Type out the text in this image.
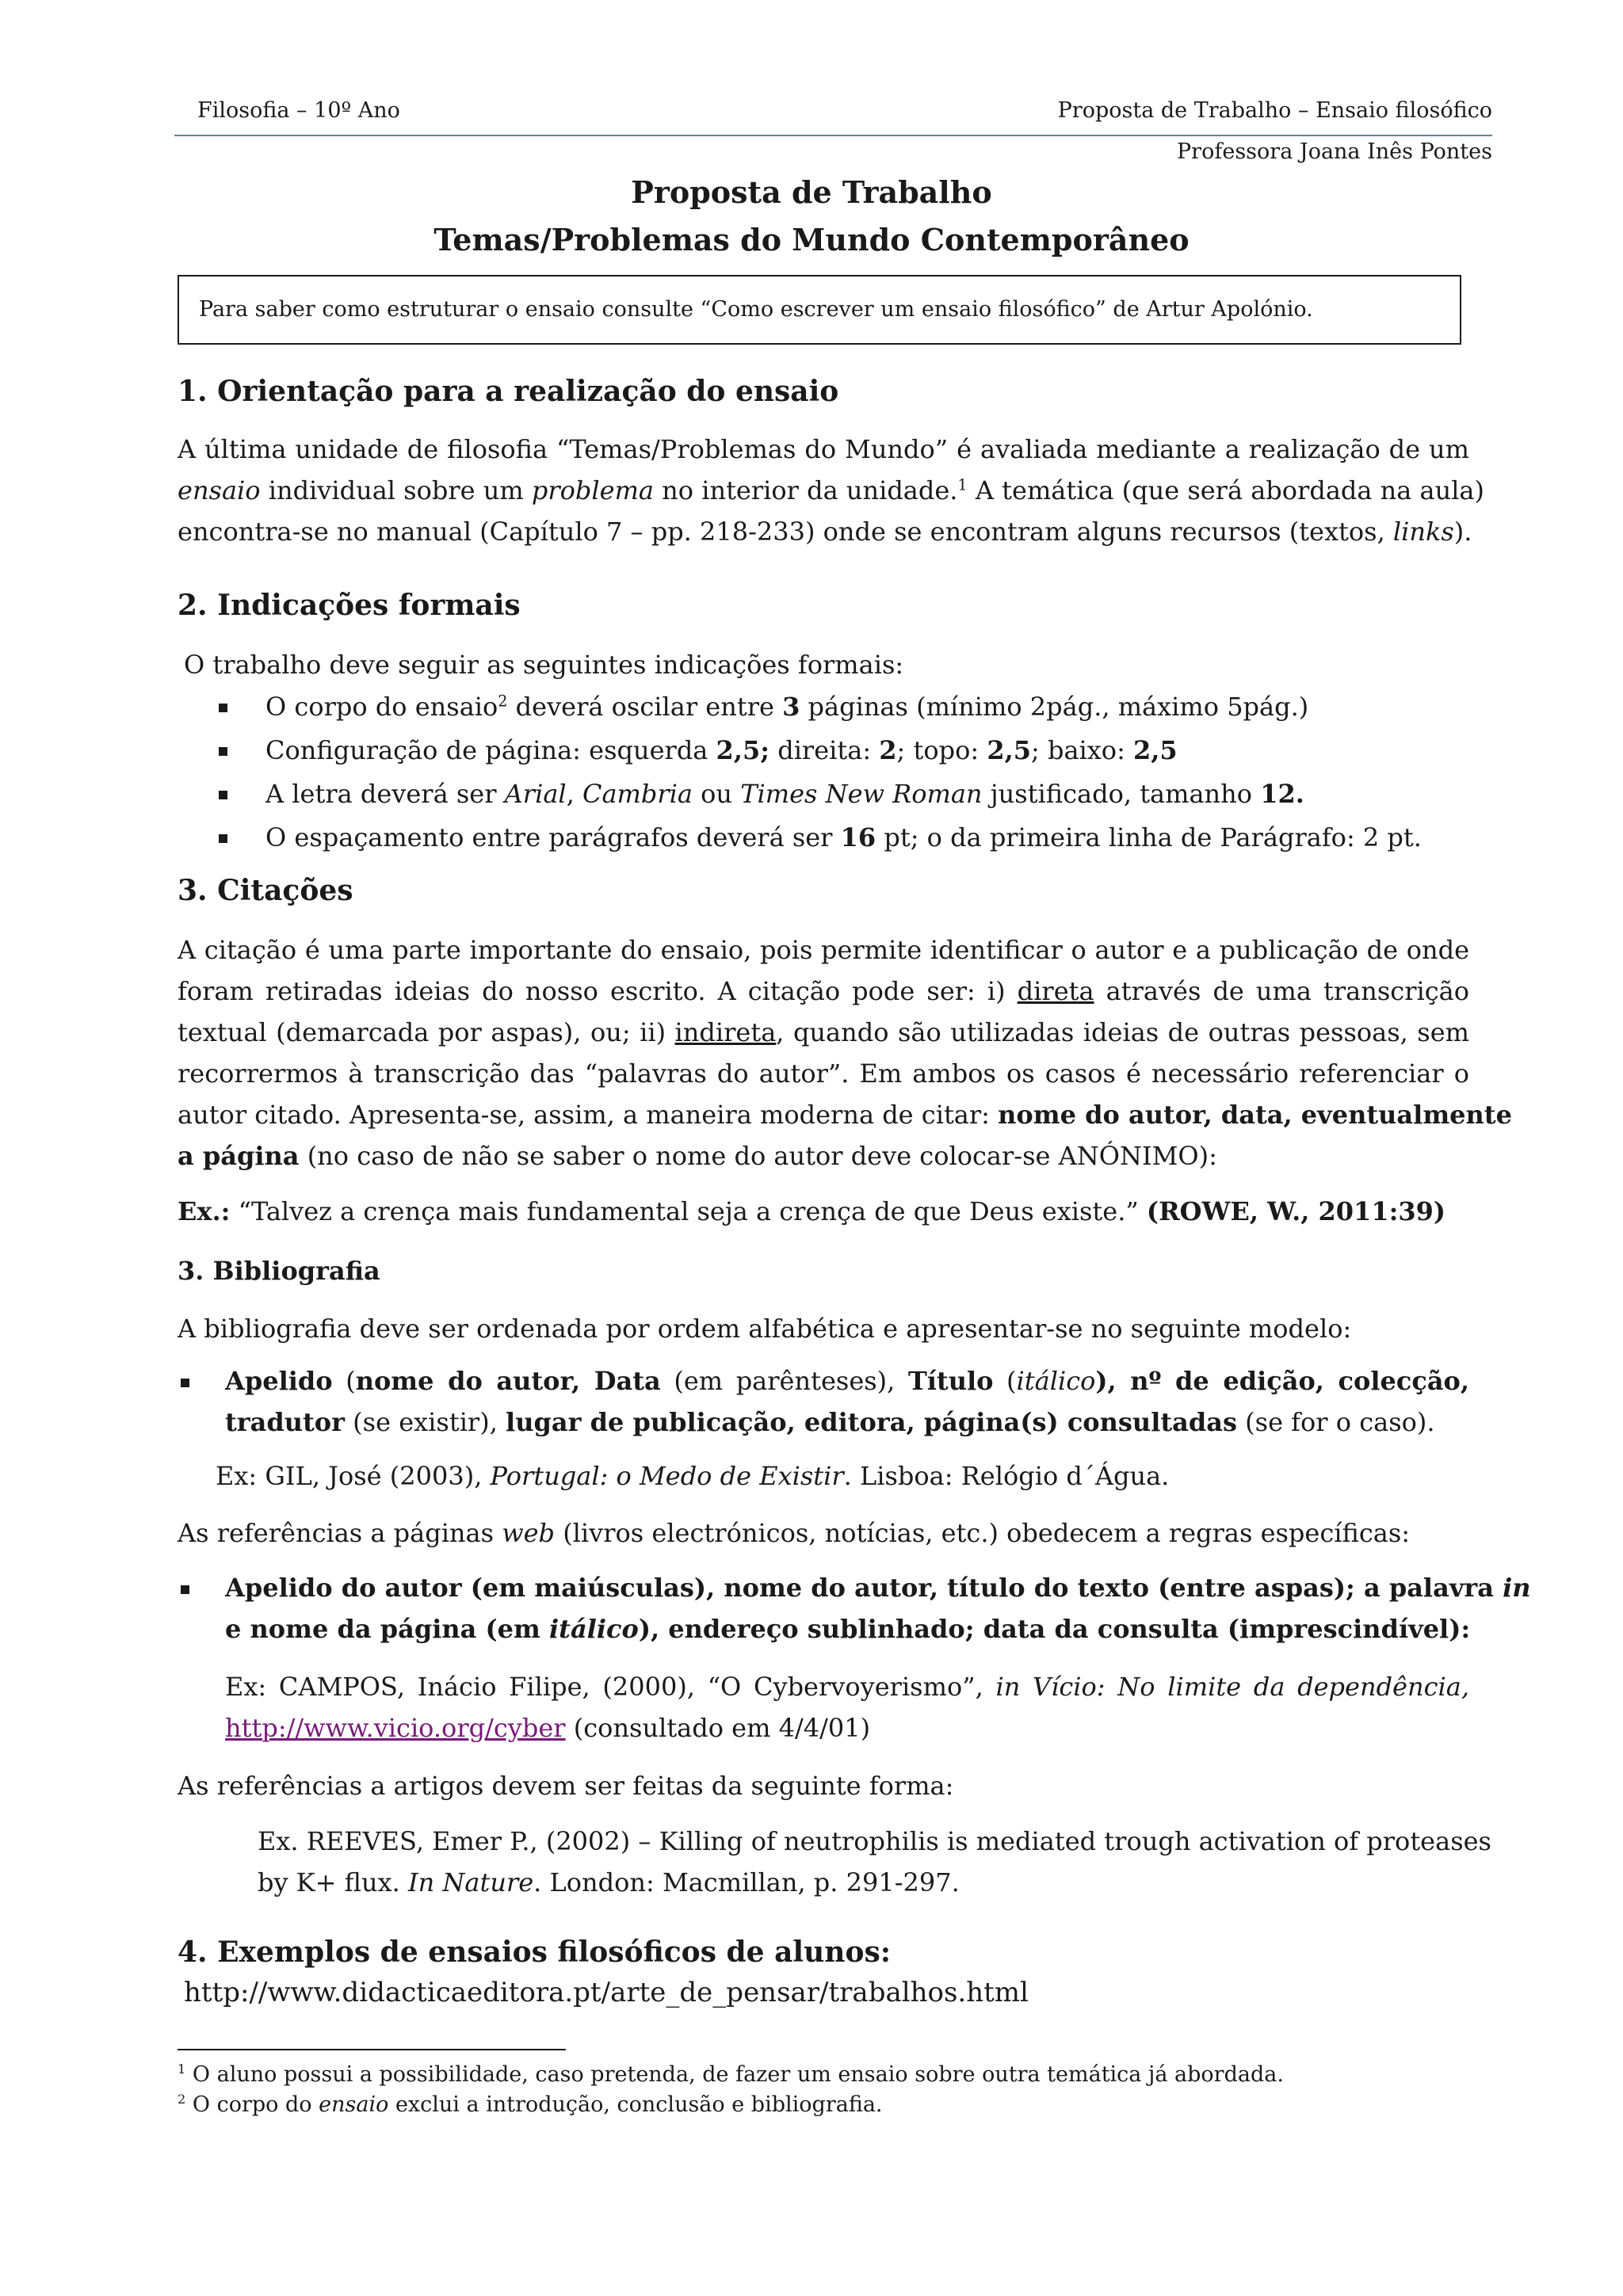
Filosofia – 10º Ano	Proposta de Trabalho – Ensaio filosófico
Professora Joana Inês Pontes
Proposta de Trabalho
Temas/Problemas do Mundo Contemporâneo
Para saber como estruturar o ensaio consulte “Como escrever um ensaio filosófico” de Artur Apolónio.
1. Orientação para a realização do ensaio
A última unidade de filosofia “Temas/Problemas do Mundo” é avaliada mediante a realização de um
ensaio individual sobre um problema no interior da unidade.$^1$ A temática (que será abordada na aula)
encontra-se no manual (Capítulo 7 – pp. 218-233) onde se encontram alguns recursos (textos, links).
2. Indicações formais
O trabalho deve seguir as seguintes indicações formais:
O corpo do ensaio$^2$ deverá oscilar entre 3 páginas (mínimo 2pág., máximo 5pág.)
Configuração de página: esquerda 2,5; direita: 2; topo: 2,5; baixo: 2,5
A letra deverá ser Arial, Cambria ou Times New Roman justificado, tamanho 12.
O espaçamento entre parágrafos deverá ser 16 pt; o da primeira linha de Parágrafo: 2 pt.
3. Citações
A citação é uma parte importante do ensaio, pois permite identificar o autor e a publicação de onde
foram retiradas ideias do nosso escrito. A citação pode ser: i) direta através de uma transcrição
textual (demarcada por aspas), ou; ii) indireta, quando são utilizadas ideias de outras pessoas, sem
recorrermos à transcrição das “palavras do autor”. Em ambos os casos é necessário referenciar o
autor citado. Apresenta-se, assim, a maneira moderna de citar: nome do autor, data, eventualmente
a página (no caso de não se saber o nome do autor deve colocar-se ANÓNIMO):
Ex.: “Talvez a crença mais fundamental seja a crença de que Deus existe.” (ROWE, W., 2011:39)
3. Bibliografia
A bibliografia deve ser ordenada por ordem alfabética e apresentar-se no seguinte modelo:
Apelido (nome do autor, Data (em parênteses), Título (itálico), nº de edição, colecção,
tradutor (se existir), lugar de publicação, editora, página(s) consultadas (se for o caso).
Ex: GIL, José (2003), Portugal: o Medo de Existir. Lisboa: Relógio d´Água.
As referências a páginas web (livros electrónicos, notícias, etc.) obedecem a regras específicas:
Apelido do autor (em maiúsculas), nome do autor, título do texto (entre aspas); a palavra in
e nome da página (em itálico), endereço sublinhado; data da consulta (imprescindível):
Ex: CAMPOS, Inácio Filipe, (2000), “O Cybervoyerismo”, in Vício: No limite da dependência,
http://www.vicio.org/cyber (consultado em 4/4/01)
As referências a artigos devem ser feitas da seguinte forma:
Ex. REEVES, Emer P., (2002) – Killing of neutrophilis is mediated trough activation of proteases
by K+ flux. In Nature. London: Macmillan, p. 291-297.
4. Exemplos de ensaios filosóficos de alunos:
http://www.didacticaeditora.pt/arte_de_pensar/trabalhos.html
$^1$ O aluno possui a possibilidade, caso pretenda, de fazer um ensaio sobre outra temática já abordada.
$^2$ O corpo do ensaio exclui a introdução, conclusão e bibliografia.
